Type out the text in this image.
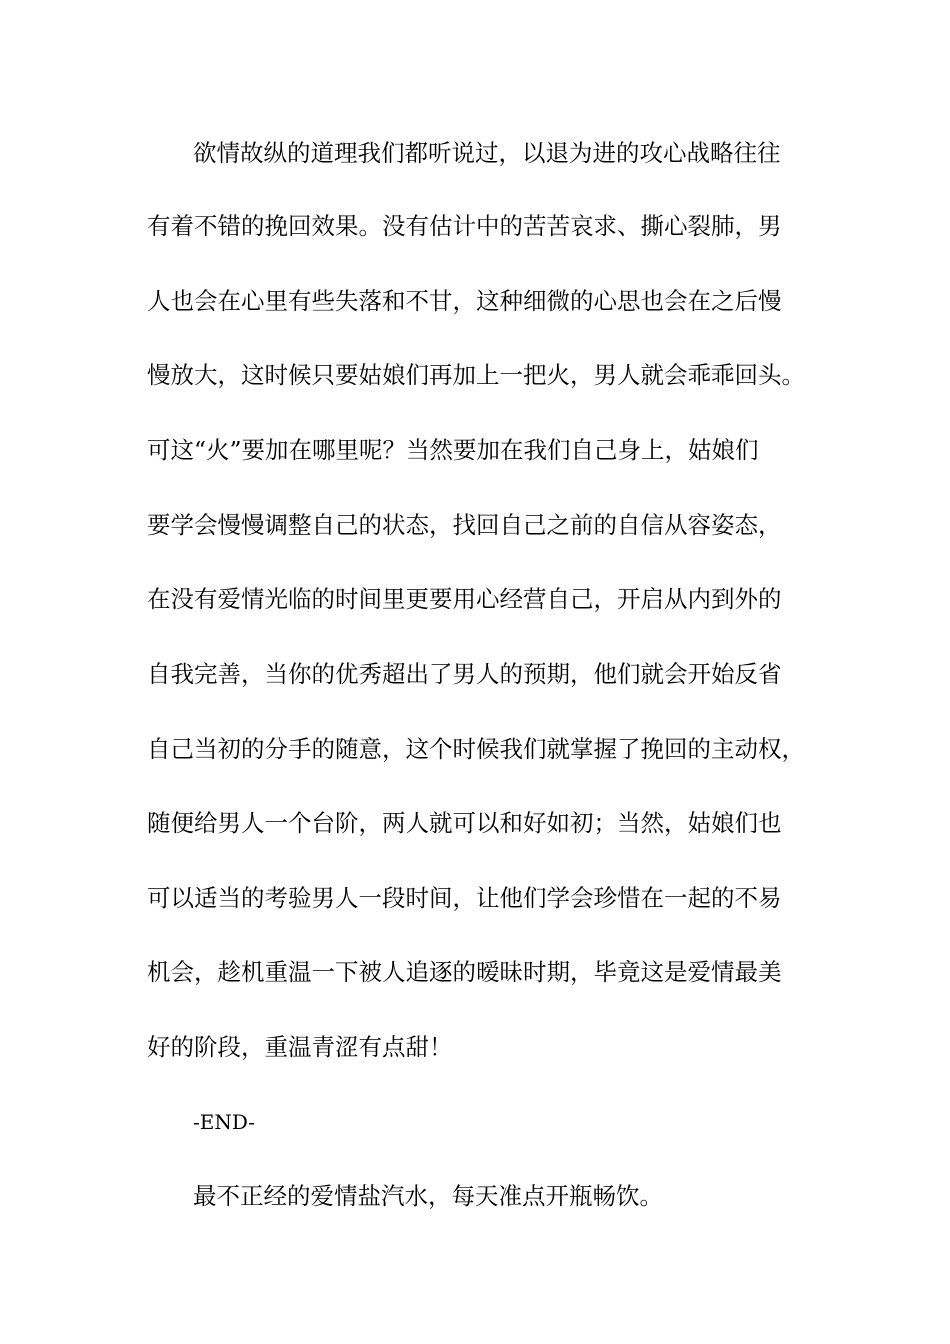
欲情故纵的道理我们都听说过，以退为进的攻心战略往往
有着不错的挽回效果。没有估计中的苦苦哀求、撕心裂肺，男
人也会在心里有些失落和不甘，这种细微的心思也会在之后慢
慢放大，这时候只要姑娘们再加上一把火，男人就会乖乖回头。
可这“火”要加在哪里呢？当然要加在我们自己身上，姑娘们
要学会慢慢调整自己的状态，找回自己之前的自信从容姿态，
在没有爱情光临的时间里更要用心经营自己，开启从内到外的
自我完善，当你的优秀超出了男人的预期，他们就会开始反省
自己当初的分手的随意，这个时候我们就掌握了挽回的主动权，
随便给男人一个台阶，两人就可以和好如初；当然，姑娘们也
可以适当的考验男人一段时间，让他们学会珍惜在一起的不易
机会，趁机重温一下被人追逐的暧昧时期，毕竟这是爱情最美
好的阶段，重温青涩有点甜！
-END-
最不正经的爱情盐汽水，每天准点开瓶畅饮。
